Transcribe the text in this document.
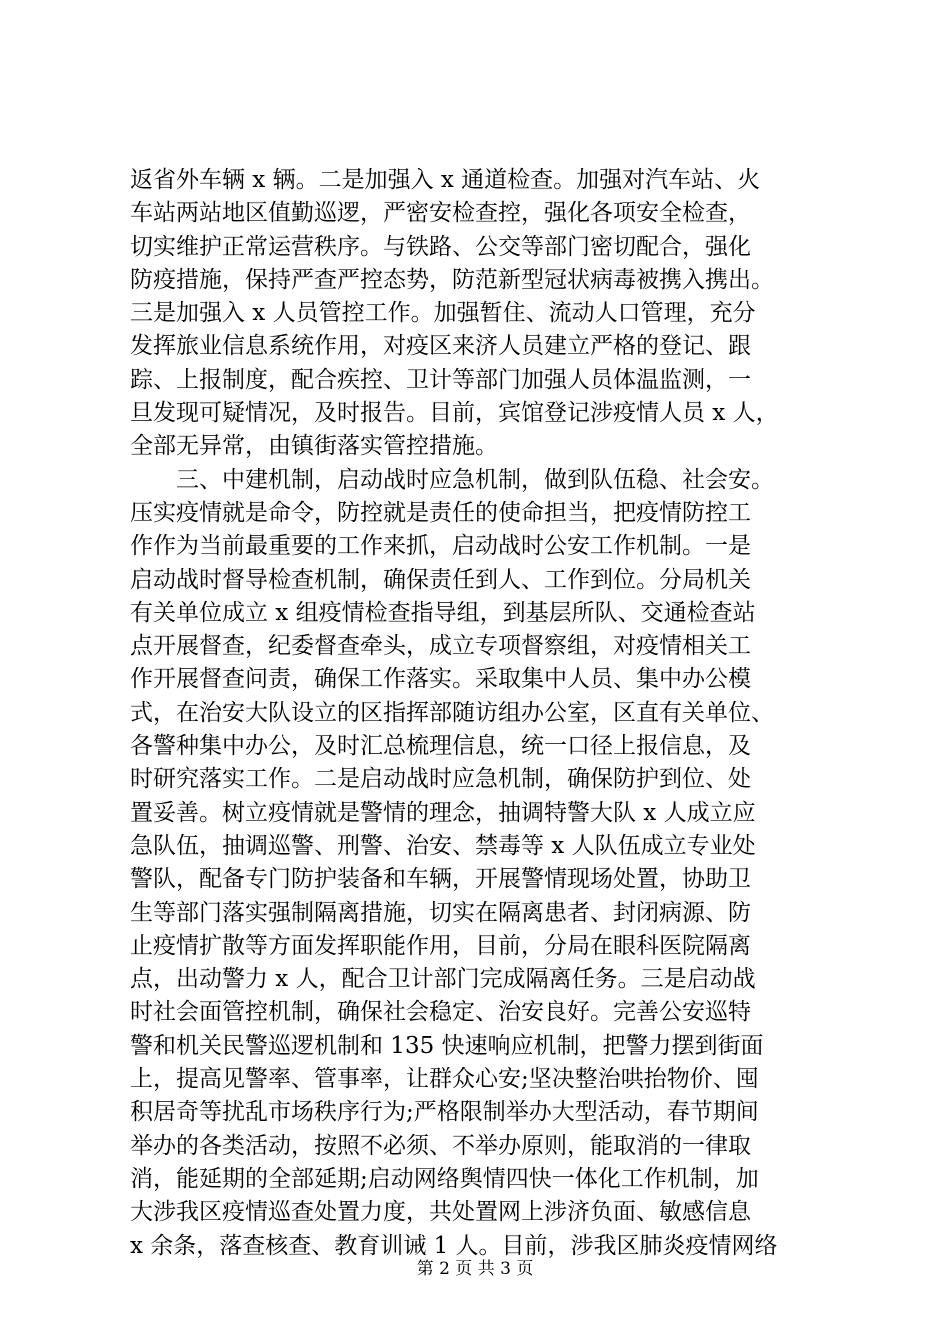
返省外车辆 x 辆。二是加强入 x 通道检查。加强对汽车站、火
车站两站地区值勤巡逻，严密安检查控，强化各项安全检查，
切实维护正常运营秩序。与铁路、公交等部门密切配合，强化
防疫措施，保持严查严控态势，防范新型冠状病毒被携入携出。
三是加强入 x 人员管控工作。加强暂住、流动人口管理，充分
发挥旅业信息系统作用，对疫区来济人员建立严格的登记、跟
踪、上报制度，配合疾控、卫计等部门加强人员体温监测，一
旦发现可疑情况，及时报告。目前，宾馆登记涉疫情人员 x 人，
全部无异常，由镇街落实管控措施。
三、中建机制，启动战时应急机制，做到队伍稳、社会安。
压实疫情就是命令，防控就是责任的使命担当，把疫情防控工
作作为当前最重要的工作来抓，启动战时公安工作机制。一是
启动战时督导检查机制，确保责任到人、工作到位。分局机关
有关单位成立 x 组疫情检查指导组，到基层所队、交通检查站
点开展督查，纪委督查牵头，成立专项督察组，对疫情相关工
作开展督查问责，确保工作落实。采取集中人员、集中办公模
式，在治安大队设立的区指挥部随访组办公室，区直有关单位、
各警种集中办公，及时汇总梳理信息，统一口径上报信息，及
时研究落实工作。二是启动战时应急机制，确保防护到位、处
置妥善。树立疫情就是警情的理念，抽调特警大队 x 人成立应
急队伍，抽调巡警、刑警、治安、禁毒等 x 人队伍成立专业处
警队，配备专门防护装备和车辆，开展警情现场处置，协助卫
生等部门落实强制隔离措施，切实在隔离患者、封闭病源、防
止疫情扩散等方面发挥职能作用，目前，分局在眼科医院隔离
点，出动警力 x 人，配合卫计部门完成隔离任务。三是启动战
时社会面管控机制，确保社会稳定、治安良好。完善公安巡特
警和机关民警巡逻机制和 135 快速响应机制，把警力摆到街面
上，提高见警率、管事率，让群众心安;坚决整治哄抬物价、囤
积居奇等扰乱市场秩序行为;严格限制举办大型活动，春节期间
举办的各类活动，按照不必须、不举办原则，能取消的一律取
消，能延期的全部延期;启动网络舆情四快一体化工作机制，加
大涉我区疫情巡查处置力度，共处置网上涉济负面、敏感信息
x 余条，落查核查、教育训诫 1 人。目前，涉我区肺炎疫情网络
第 2 页 共 3 页
